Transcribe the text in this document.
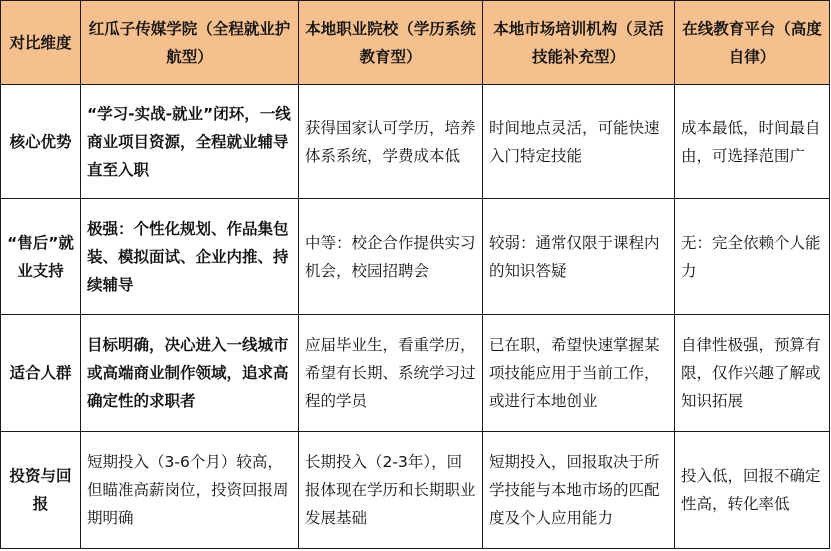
对比维度	红瓜子传媒学院（全程就业护航型）	本地职业院校（学历系统教育型）	本地市场培训机构（灵活技能补充型）	在线教育平台（高度自律）
核心优势	“学习-实战-就业”闭环，一线商业项目资源，全程就业辅导直至入职	获得国家认可学历，培养体系系统，学费成本低	时间地点灵活，可能快速入门特定技能	成本最低，时间最自由，可选择范围广
“售后”就业支持	极强：个性化规划、作品集包装、模拟面试、企业内推、持续辅导	中等：校企合作提供实习机会，校园招聘会	较弱：通常仅限于课程内的知识答疑	无：完全依赖个人能力
适合人群	目标明确，决心进入一线城市或高端商业制作领域，追求高确定性的求职者	应届毕业生，看重学历，希望有长期、系统学习过程的学员	已在职，希望快速掌握某项技能应用于当前工作，或进行本地创业	自律性极强，预算有限，仅作兴趣了解或知识拓展
投资与回报	短期投入（3-6个月）较高，但瞄准高薪岗位，投资回报周期明确	长期投入（2-3年），回报体现在学历和长期职业发展基础	短期投入，回报取决于所学技能与本地市场的匹配度及个人应用能力	投入低，回报不确定性高，转化率低
